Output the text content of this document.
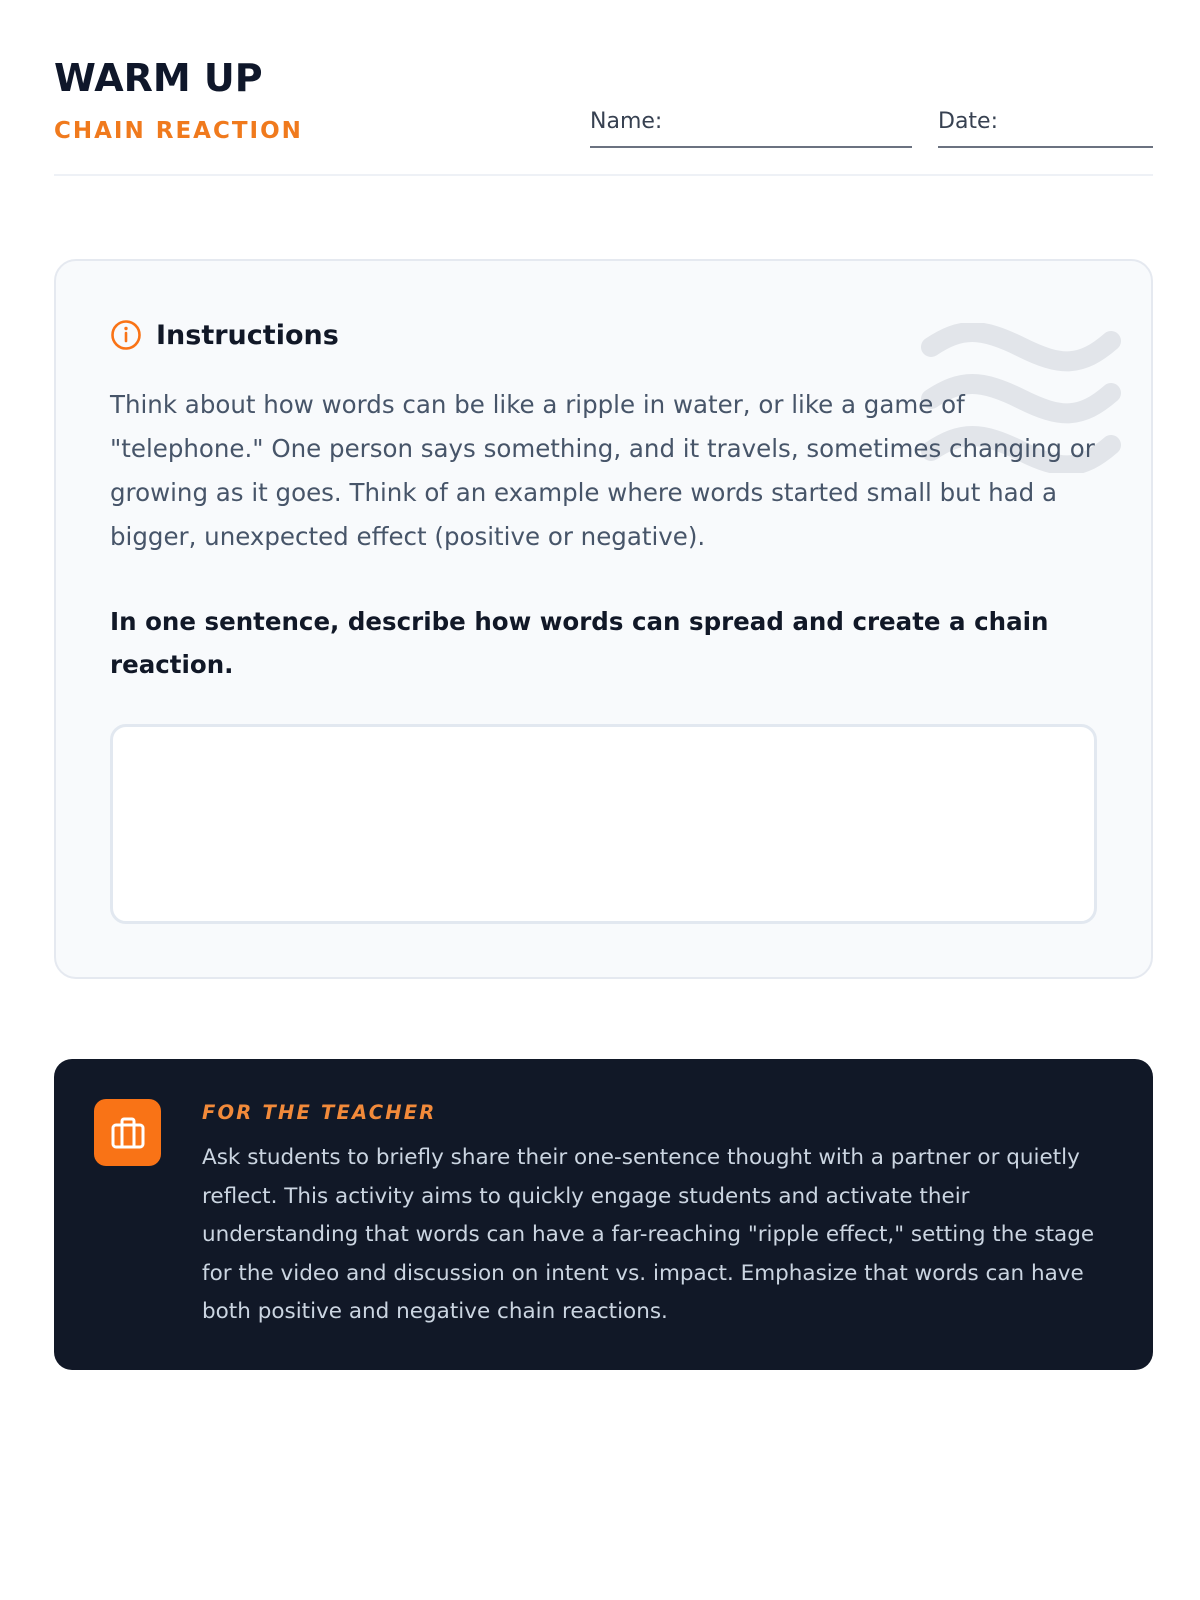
WARM UP
CHAIN REACTION	Name:	Date:
Instructions

Think about how words can be like a ripple in water, or like a game of "telephone." One person says something, and it travels, sometimes changing or growing as it goes. Think of an example where words started small but had a bigger, unexpected effect (positive or negative).

In one sentence, describe how words can spread and create a chain reaction.

FOR THE TEACHER

Ask students to briefly share their one-sentence thought with a partner or quietly reflect. This activity aims to quickly engage students and activate their understanding that words can have a far-reaching "ripple effect," setting the stage for the video and discussion on intent vs. impact. Emphasize that words can have both positive and negative chain reactions.
